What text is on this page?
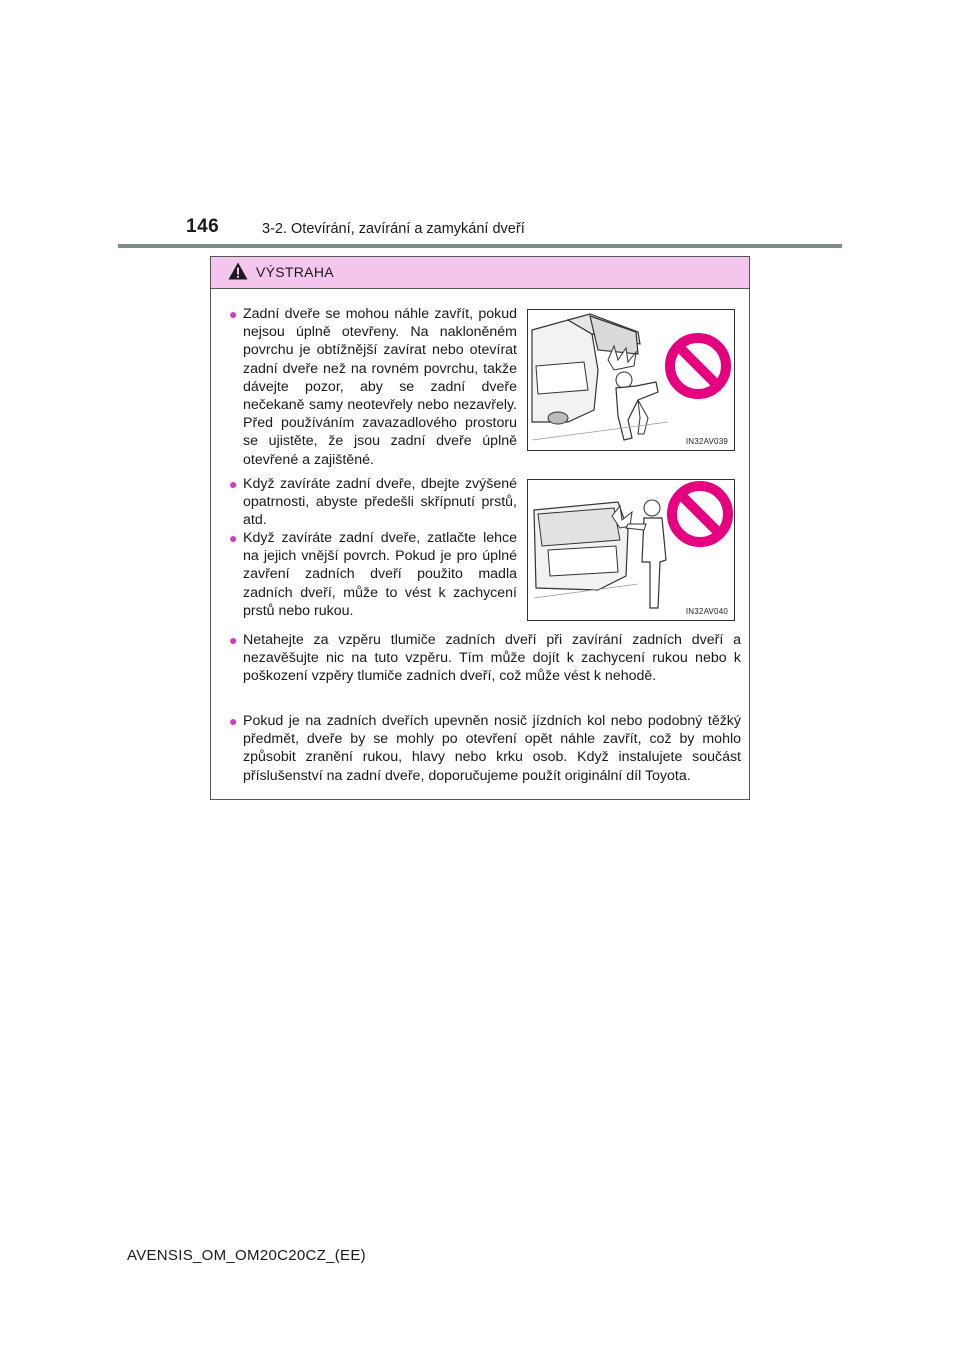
146	3-2. Otevírání, zavírání a zamykání dveří
VÝSTRAHA
● Zadní dveře se mohou náhle zavřít, pokud nejsou úplně otevřeny. Na nakloněném povrchu je obtížnější zavírat nebo otevírat zadní dveře než na rovném povrchu, takže dávejte pozor, aby se zadní dveře nečekaně samy neotevřely nebo nezavřely. Před používáním zavazadlového prostoru se ujistěte, že jsou zadní dveře úplně otevřené a zajištěné.
IN32AV039
● Když zavíráte zadní dveře, dbejte zvýšené opatrnosti, abyste předešli skřípnutí prstů, atd.
● Když zavíráte zadní dveře, zatlačte lehce na jejich vnější povrch. Pokud je pro úplné zavření zadních dveří použito madla zadních dveří, může to vést k zachycení prstů nebo rukou.	IN32AV040
● Netahejte za vzpěru tlumiče zadních dveří při zavírání zadních dveří a nezavěšujte nic na tuto vzpěru. Tím může dojít k zachycení rukou nebo k poškození vzpěry tlumiče zadních dveří, což může vést k nehodě.
● Pokud je na zadních dveřích upevněn nosič jízdních kol nebo podobný těžký předmět, dveře by se mohly po otevření opět náhle zavřít, což by mohlo způsobit zranění rukou, hlavy nebo krku osob. Když instalujete součást příslušenství na zadní dveře, doporučujeme použít originální díl Toyota.
AVENSIS_OM_OM20C20CZ_(EE)
